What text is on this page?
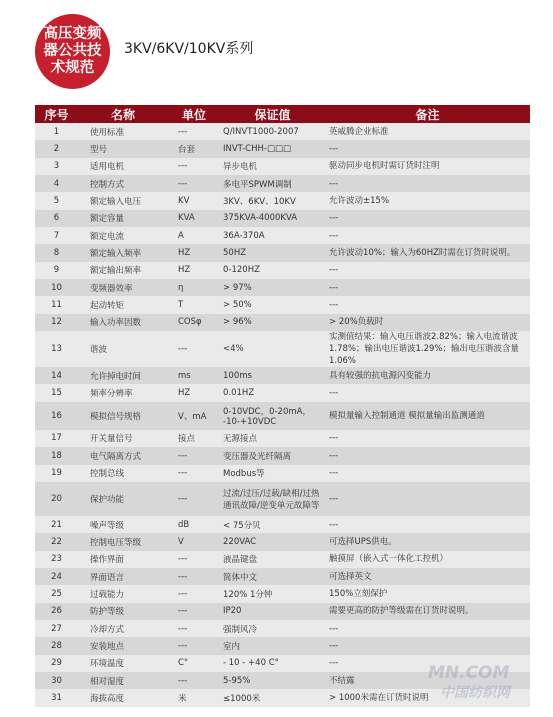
高压变频
器公共技
术规范
3KV/6KV/10KV系列
序号	名称	单位	保证值	备注
1	使用标准	---	Q/INVT1000-2007	英威腾企业标准
2	型号	台套	INVT-CHH-□□□	---
3	适用电机	---	异步电机	驱动同步电机时需订货时注明
4	控制方式	---	多电平SPWM调制	---
5	额定输入电压	KV	3KV、6KV、10KV	允许波动±15%
6	额定容量	KVA	375KVA-4000KVA	---
7	额定电流	A	36A-370A	---
8	额定输入频率	HZ	50HZ	允许波动10%；输入为60HZ时需在订货时说明。
9	额定输出频率	HZ	0-120HZ	---
10	变频器效率	η	> 97%	---
11	起动转矩	T	> 50%	---
12	输入功率因数	COSφ	> 96%	> 20%负载时
13	谐波	---	<4%	实测值结果：输入电压谐波2.82%；输入电流谐波
1.78%；输出电压谐波1.29%；输出电压谐波含量1.06%
14	允许掉电时间	ms	100ms	具有较强的抗电源闪变能力
15	频率分辨率	HZ	0.01HZ	---
16	模拟信号规格	V、mA	0-10VDC，0-20mA，
-10-+10VDC	模拟量输入控制通道 模拟量输出监测通道
17	开关量信号	接点	无源接点	---
18	电气隔离方式	---	变压器及光纤隔离	---
19	控制总线	---	Modbus等	---
20	保护功能	---	过流/过压/过载/缺相/过热
通讯故障/逆变单元故障等	---
21	噪声等级	dB	< 75分贝	---
22	控制电压等级	V	220VAC	可选择UPS供电。
23	操作界面	---	液晶键盘	触摸屏（嵌入式一体化工控机）
24	界面语言	---	简体中文	可选择英文
25	过载能力	---	120% 1分钟	150%立刻保护
26	防护等级	---	IP20	需要更高的防护等级需在订货时说明。
27	冷却方式	---	强制风冷	---
28	安装地点	---	室内	---
29	环境温度	C°	- 10 - +40 C°	---
30	相对湿度	---	5-95%	不结露
31	海拔高度	米	≤1000米	> 1000米需在订货时说明
MN.COM
中国纺织网
